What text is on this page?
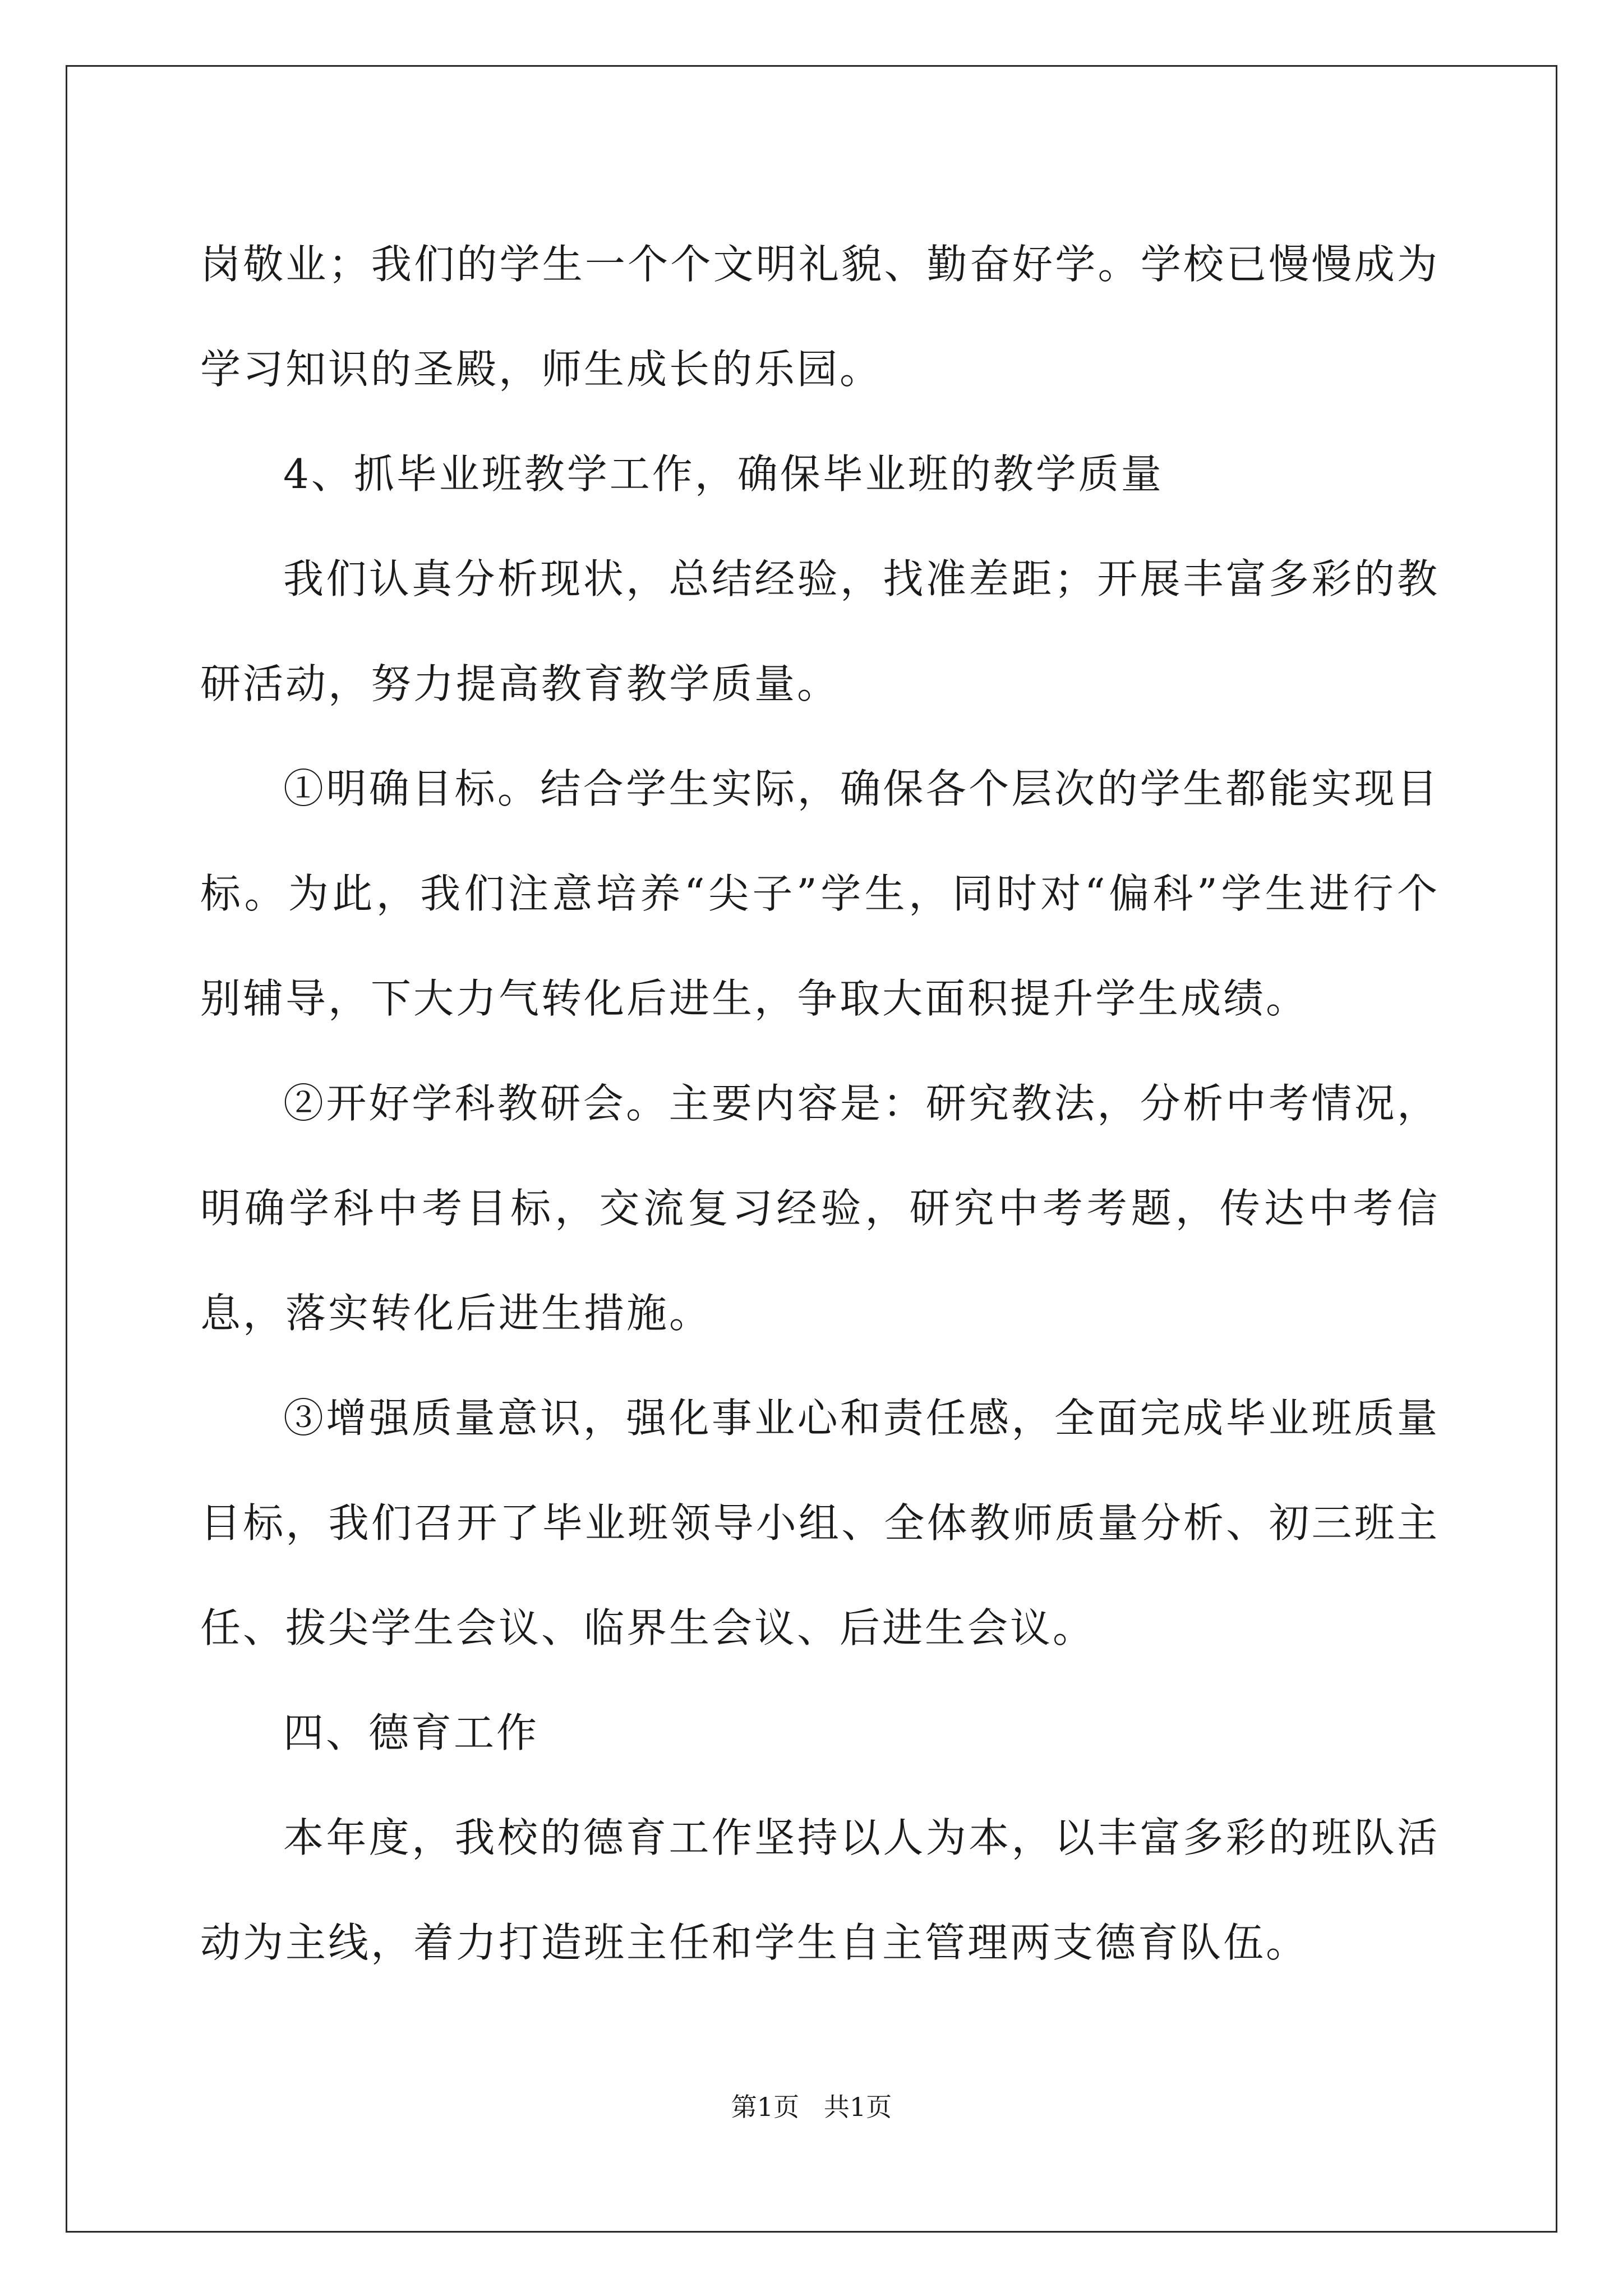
岗敬业；我们的学生一个个文明礼貌、勤奋好学。学校已慢慢成为学习知识的圣殿，师生成长的乐园。

4、抓毕业班教学工作，确保毕业班的教学质量

我们认真分析现状，总结经验，找准差距；开展丰富多彩的教研活动，努力提高教育教学质量。

①明确目标。结合学生实际，确保各个层次的学生都能实现目标。为此，我们注意培养“尖子”学生，同时对“偏科”学生进行个别辅导，下大力气转化后进生，争取大面积提升学生成绩。

②开好学科教研会。主要内容是：研究教法，分析中考情况，明确学科中考目标，交流复习经验，研究中考考题，传达中考信息，落实转化后进生措施。

③增强质量意识，强化事业心和责任感，全面完成毕业班质量目标，我们召开了毕业班领导小组、全体教师质量分析、初三班主任、拔尖学生会议、临界生会议、后进生会议。

四、德育工作

本年度，我校的德育工作坚持以人为本，以丰富多彩的班队活动为主线，着力打造班主任和学生自主管理两支德育队伍。

第1页   共1页
